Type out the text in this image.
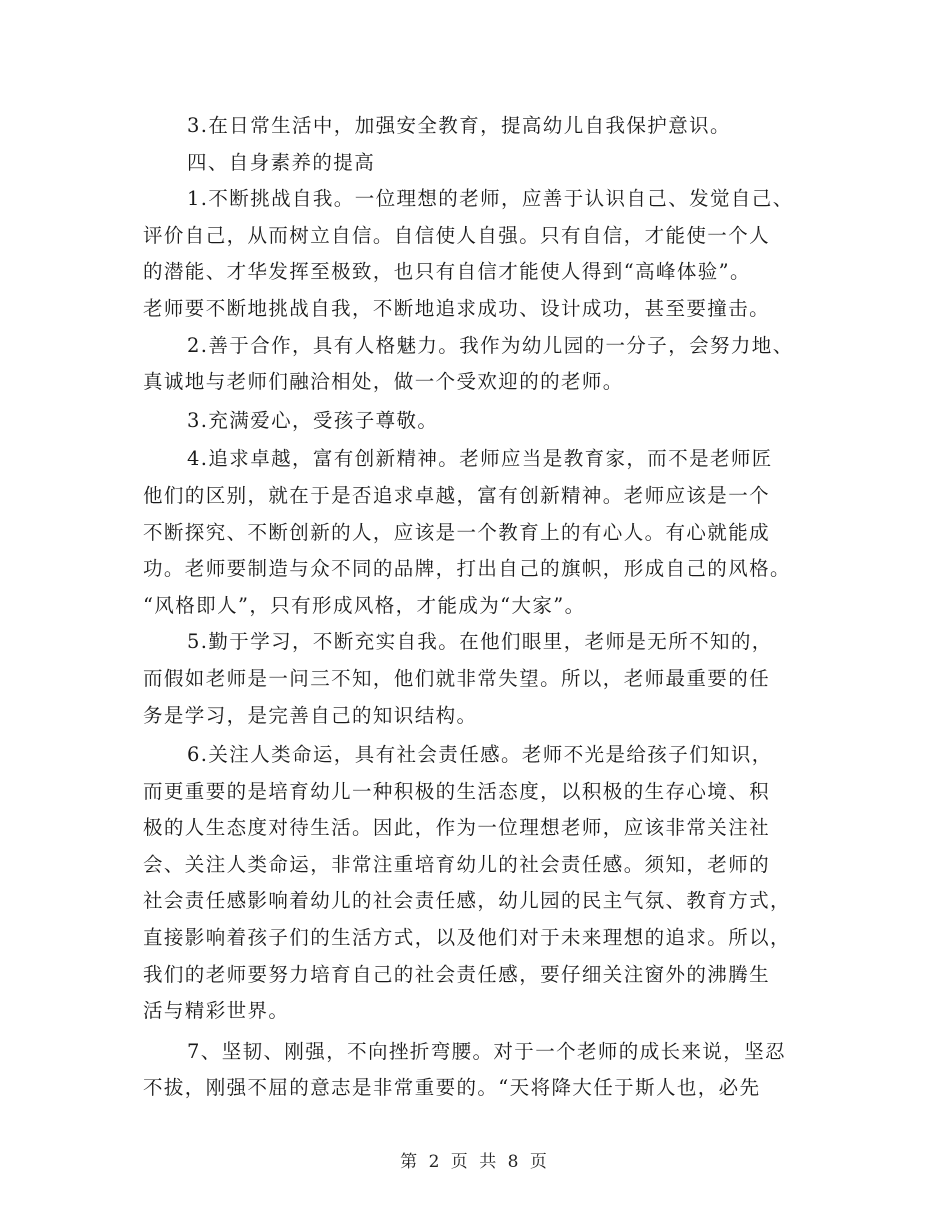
3.在日常生活中，加强安全教育，提高幼儿自我保护意识。
四、自身素养的提高
1.不断挑战自我。一位理想的老师，应善于认识自己、发觉自己、
评价自己，从而树立自信。自信使人自强。只有自信，才能使一个人
的潜能、才华发挥至极致，也只有自信才能使人得到“高峰体验”。
老师要不断地挑战自我，不断地追求成功、设计成功，甚至要撞击。
2.善于合作，具有人格魅力。我作为幼儿园的一分子，会努力地、
真诚地与老师们融洽相处，做一个受欢迎的的老师。
3.充满爱心，受孩子尊敬。
4.追求卓越，富有创新精神。老师应当是教育家，而不是老师匠
他们的区别，就在于是否追求卓越，富有创新精神。老师应该是一个
不断探究、不断创新的人，应该是一个教育上的有心人。有心就能成
功。老师要制造与众不同的品牌，打出自己的旗帜，形成自己的风格。
“风格即人”，只有形成风格，才能成为“大家”。
5.勤于学习，不断充实自我。在他们眼里，老师是无所不知的，
而假如老师是一问三不知，他们就非常失望。所以，老师最重要的任
务是学习，是完善自己的知识结构。
6.关注人类命运，具有社会责任感。老师不光是给孩子们知识，
而更重要的是培育幼儿一种积极的生活态度，以积极的生存心境、积
极的人生态度对待生活。因此，作为一位理想老师，应该非常关注社
会、关注人类命运，非常注重培育幼儿的社会责任感。须知，老师的
社会责任感影响着幼儿的社会责任感，幼儿园的民主气氛、教育方式，
直接影响着孩子们的生活方式，以及他们对于未来理想的追求。所以，
我们的老师要努力培育自己的社会责任感，要仔细关注窗外的沸腾生
活与精彩世界。
7、坚韧、刚强，不向挫折弯腰。对于一个老师的成长来说，坚忍
不拔，刚强不屈的意志是非常重要的。“天将降大任于斯人也，必先
第 2 页 共 8 页
